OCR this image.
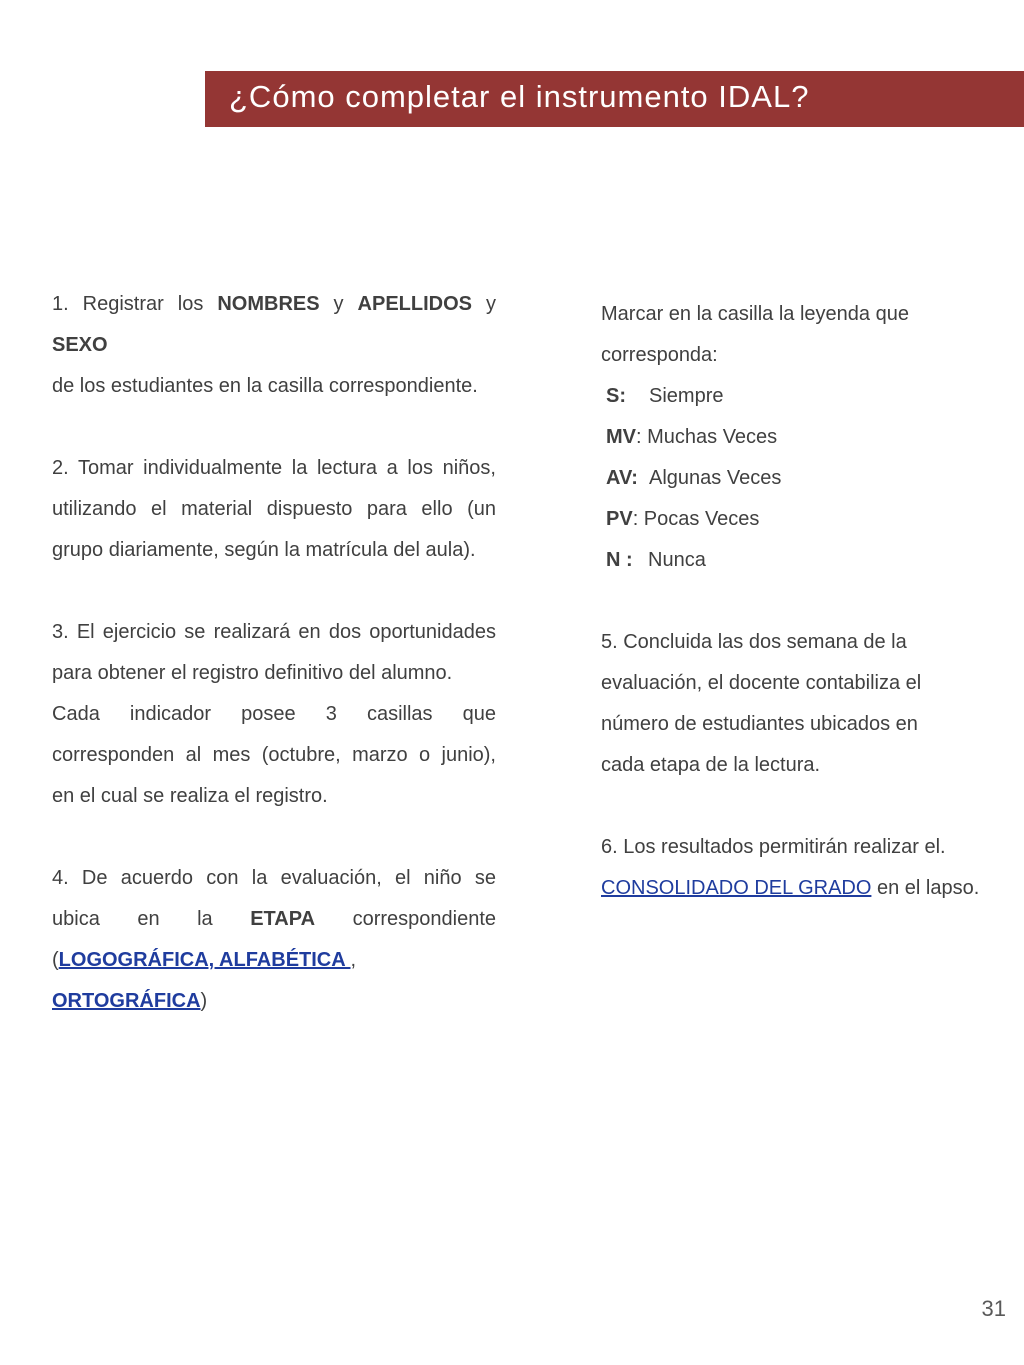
¿Cómo completar el instrumento IDAL?
1. Registrar los NOMBRES y APELLIDOS y SEXO
de los estudiantes en la casilla correspondiente.
2. Tomar individualmente la lectura a los niños,
utilizando el material dispuesto para ello (un
grupo diariamente, según la matrícula del aula).
3. El ejercicio se realizará en dos oportunidades
para obtener el registro definitivo del alumno.
Cada indicador posee 3 casillas que
corresponden al mes (octubre, marzo o junio),
en el cual se realiza el registro.
4. De acuerdo con la evaluación, el niño se
ubica en la ETAPA correspondiente
(LOGOGRÁFICA, ALFABÉTICA , ORTOGRÁFICA)
Marcar en la casilla la leyenda que
corresponda:
S: Siempre
MV: Muchas Veces
AV: Algunas Veces
PV: Pocas Veces
N : Nunca
5. Concluida las dos semana de la
evaluación, el docente contabiliza el
número de estudiantes ubicados en
cada etapa de la lectura.
6. Los resultados permitirán realizar el.
CONSOLIDADO DEL GRADO en el lapso.
31
